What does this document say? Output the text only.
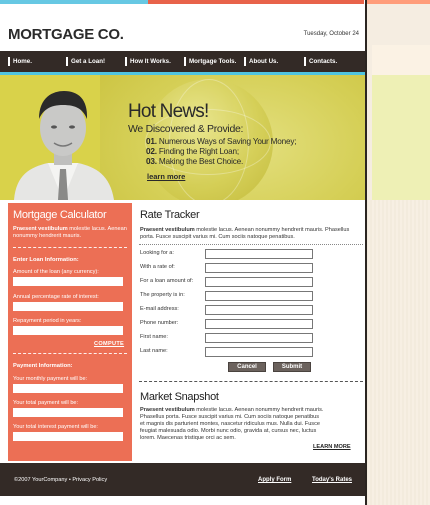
MORTGAGE CO.	Tuesday, October 24
Home.	Get a Loan!	How It Works.	Mortgage Tools. About Us.	Contacts.
Hot News!
We Discovered & Provide:
01. Numerous Ways of Saving Your Money;
02. Finding the Right Loan;
03. Making the Best Choice.
learn more
Mortgage Calculator
Praesent vestibulum molestie lacus. Aenean nonummy hendrerit mauris.
Enter Loan Information:
Amount of the loan (any currency):
Annual percentage rate of interest:
Repayment period in years:
COMPUTE
Payment Information:
Your monthly payment will be:
Your total payment will be:
Your total interest payment will be:
Rate Tracker
Praesent vestibulum molestie lacus. Aenean nonummy hendrerit mauris. Phasellus porta. Fusce suscipit varius mi. Cum sociis natoque penatibus.
Looking for a:
With a rate of:
For a loan amount of:
The property is in:
E-mail address:
Phone number:
First name:
Last name:
Cancel	Submit
Market Snapshot
Praesent vestibulum molestie lacus. Aenean nonummy hendrerit mauris.
Phasellus porta. Fusce suscipit varius mi. Cum sociis natoque penatibus
et magnis dis parturient montes, nascetur ridiculus mus. Nulla dui. Fusce
feugiat malesuada odio. Morbi nunc odio, gravida at, cursus nec, luctus
lorem. Maecenas tristique orci ac sem.
LEARN MORE
©2007 YourCompany • Privacy Policy	Apply Form	Today's Rates
